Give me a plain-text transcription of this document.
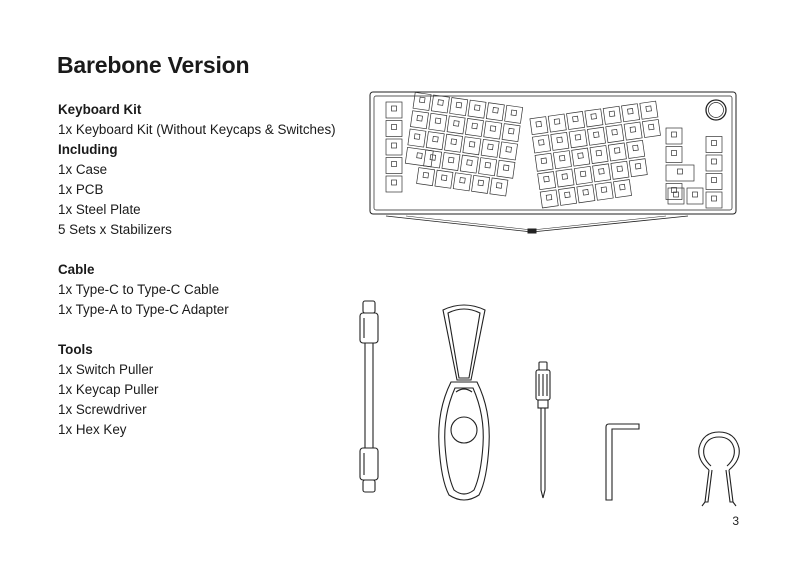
Barebone Version
Keyboard Kit
1x Keyboard Kit (Without Keycaps & Switches)
Including
1x Case
1x PCB
1x Steel Plate
5 Sets x Stabilizers
Cable
1x Type-C to Type-C Cable
1x Type-A to Type-C Adapter
Tools
1x Switch Puller
1x Keycap Puller
1x Screwdriver
1x Hex Key
3
